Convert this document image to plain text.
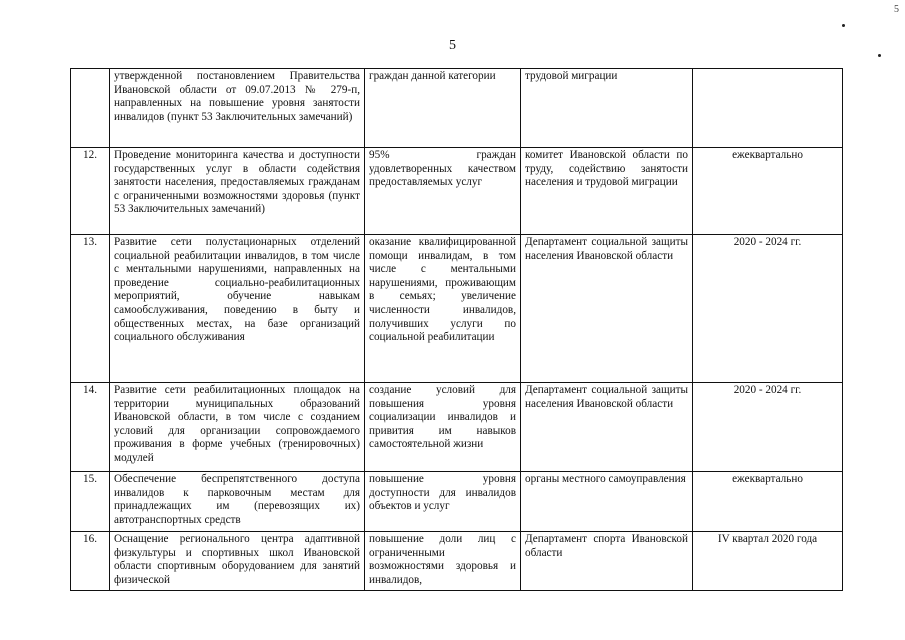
5
5
	утвержденной постановлением Правительства Ивановской области от 09.07.2013 № 279-п, направленных на повышение уровня занятости инвалидов (пункт 53 Заключительных замечаний)	граждан данной категории	трудовой миграции	
12.	Проведение мониторинга качества и доступности государственных услуг в области содействия занятости населения, предоставляемых гражданам с ограниченными возможностями здоровья (пункт 53 Заключительных замечаний)	95% граждан удовлетворенных качеством предоставляемых услуг	комитет Ивановской области по труду, содействию занятости населения и трудовой миграции	ежеквартально
13.	Развитие сети полустационарных отделений социальной реабилитации инвалидов, в том числе с ментальными нарушениями, направленных на проведение социально-реабилитационных мероприятий, обучение навыкам самообслуживания, поведению в быту и общественных местах, на базе организаций социального обслуживания	оказание квалифицированной помощи инвалидам, в том числе с ментальными нарушениями, проживающим в семьях; увеличение численности инвалидов, получивших услуги по социальной реабилитации	Департамент социальной защиты населения Ивановской области	2020 - 2024 гг.
14.	Развитие сети реабилитационных площадок на территории муниципальных образований Ивановской области, в том числе с созданием условий для организации сопровождаемого проживания в форме учебных (тренировочных) модулей	создание условий для повышения уровня социализации инвалидов и привития им навыков самостоятельной жизни	Департамент социальной защиты населения Ивановской области	2020 - 2024 гг.
15.	Обеспечение беспрепятственного доступа инвалидов к парковочным местам для принадлежащих им (перевозящих их) автотранспортных средств	повышение уровня доступности для инвалидов объектов и услуг	органы местного самоуправления	ежеквартально
16.	Оснащение регионального центра адаптивной физкультуры и спортивных школ Ивановской области спортивным оборудованием для занятий физической	повышение доли лиц с ограниченными возможностями здоровья и инвалидов,	Департамент спорта Ивановской области	IV квартал 2020 года
